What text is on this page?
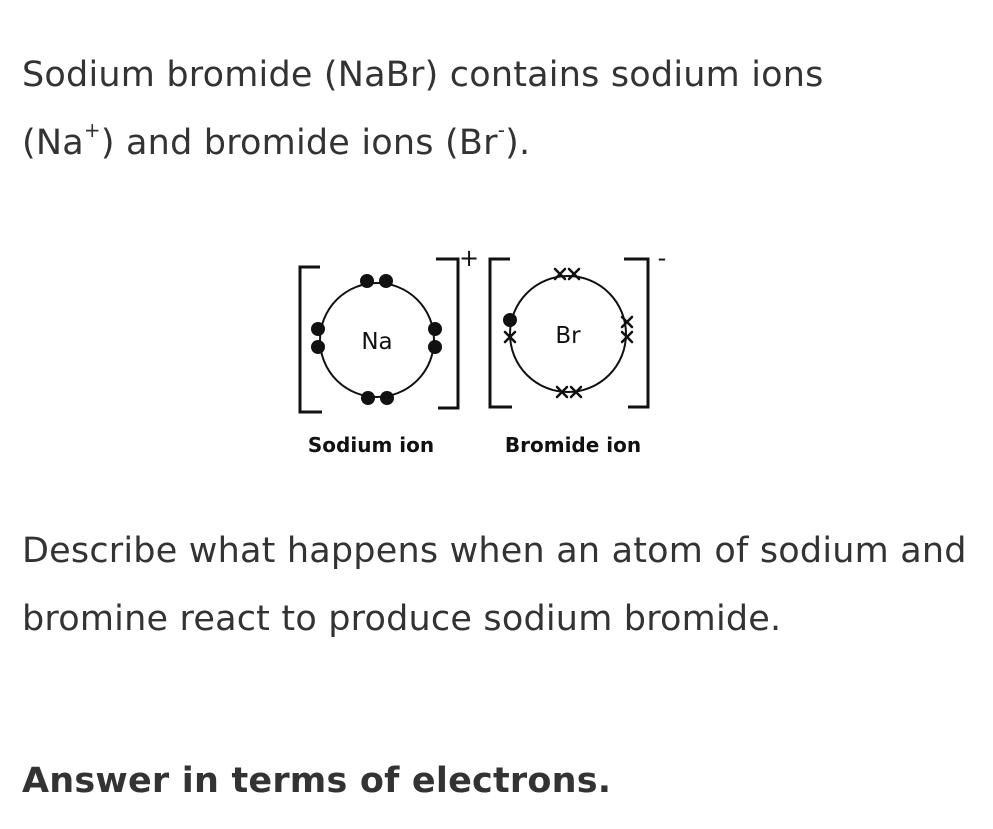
Sodium bromide (NaBr) contains sodium ions
(Na+) and bromide ions (Br-).

Na
+
Sodium ion
Br
-
Bromide ion

Describe what happens when an atom of sodium and bromine react to produce sodium bromide.

Answer in terms of electrons.
